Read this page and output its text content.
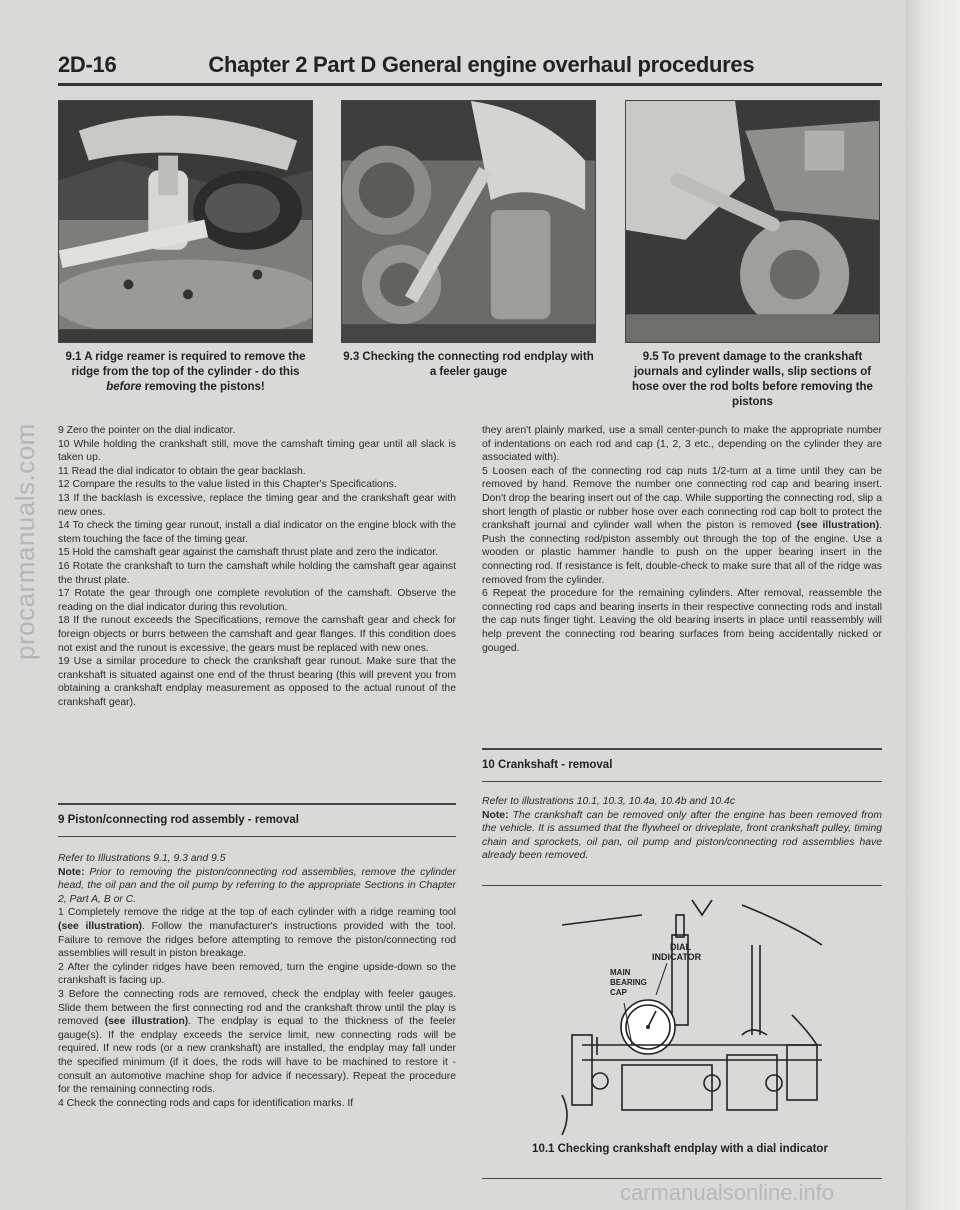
2D-16	Chapter 2 Part D General engine overhaul procedures
9.1 A ridge reamer is required to remove the ridge from the top of the cylinder - do this before removing the pistons!
9.3 Checking the connecting rod endplay with a feeler gauge
9.5 To prevent damage to the crankshaft journals and cylinder walls, slip sections of hose over the rod bolts before removing the pistons

9 Zero the pointer on the dial indicator.

10 While holding the crankshaft still, move the camshaft timing gear until all slack is taken up.

11 Read the dial indicator to obtain the gear backlash.

12 Compare the results to the value listed in this Chapter's Specifications.

13 If the backlash is excessive, replace the timing gear and the crankshaft gear with new ones.

14 To check the timing gear runout, install a dial indicator on the engine block with the stem touching the face of the timing gear.

15 Hold the camshaft gear against the camshaft thrust plate and zero the indicator.

16 Rotate the crankshaft to turn the camshaft while holding the camshaft gear against the thrust plate.

17 Rotate the gear through one complete revolution of the camshaft. Observe the reading on the dial indicator during this revolution.

18 If the runout exceeds the Specifications, remove the camshaft gear and check for foreign objects or burrs between the camshaft and gear flanges. If this condition does not exist and the runout is excessive, the gears must be replaced with new ones.

19 Use a similar procedure to check the crankshaft gear runout. Make sure that the crankshaft is situated against one end of the thrust bearing (this will prevent you from obtaining a crankshaft endplay measurement as opposed to the actual runout of the crankshaft gear).

9 Piston/connecting rod assembly - removal

Refer to Illustrations 9.1, 9.3 and 9.5

Note: Prior to removing the piston/connecting rod assemblies, remove the cylinder head, the oil pan and the oil pump by referring to the appropriate Sections in Chapter 2, Part A, B or C.

1 Completely remove the ridge at the top of each cylinder with a ridge reaming tool (see illustration). Follow the manufacturer's instructions provided with the tool. Failure to remove the ridges before attempting to remove the piston/connecting rod assemblies will result in piston breakage.

2 After the cylinder ridges have been removed, turn the engine upside-down so the crankshaft is facing up.

3 Before the connecting rods are removed, check the endplay with feeler gauges. Slide them between the first connecting rod and the crankshaft throw until the play is removed (see illustration). The endplay is equal to the thickness of the feeler gauge(s). If the endplay exceeds the service limit, new connecting rods will be required. If new rods (or a new crankshaft) are installed, the endplay may fall under the specified minimum (if it does, the rods will have to be machined to restore it - consult an automotive machine shop for advice if necessary). Repeat the procedure for the remaining connecting rods.

4 Check the connecting rods and caps for identification marks. If

they aren't plainly marked, use a small center-punch to make the appropriate number of indentations on each rod and cap (1, 2, 3 etc., depending on the cylinder they are associated with).

5 Loosen each of the connecting rod cap nuts 1/2-turn at a time until they can be removed by hand. Remove the number one connecting rod cap and bearing insert. Don't drop the bearing insert out of the cap. While supporting the connecting rod, slip a short length of plastic or rubber hose over each connecting rod cap bolt to protect the crankshaft journal and cylinder wall when the piston is removed (see illustration). Push the connecting rod/piston assembly out through the top of the engine. Use a wooden or plastic hammer handle to push on the upper bearing insert in the connecting rod. If resistance is felt, double-check to make sure that all of the ridge was removed from the cylinder.

6 Repeat the procedure for the remaining cylinders. After removal, reassemble the connecting rod caps and bearing inserts in their respective connecting rods and install the cap nuts finger tight. Leaving the old bearing inserts in place until reassembly will help prevent the connecting rod bearing surfaces from being accidentally nicked or gouged.

10 Crankshaft - removal

Refer to illustrations 10.1, 10.3, 10.4a, 10.4b and 10.4c

Note: The crankshaft can be removed only after the engine has been removed from the vehicle. It is assumed that the flywheel or driveplate, front crankshaft pulley, timing chain and sprockets, oil pan, oil pump and piston/connecting rod assemblies have already been removed.

DIAL
INDICATOR
MAIN
BEARING
CAP
10.1 Checking crankshaft endplay with a dial indicator
procarmanuals.com
carmanualsonline.info
